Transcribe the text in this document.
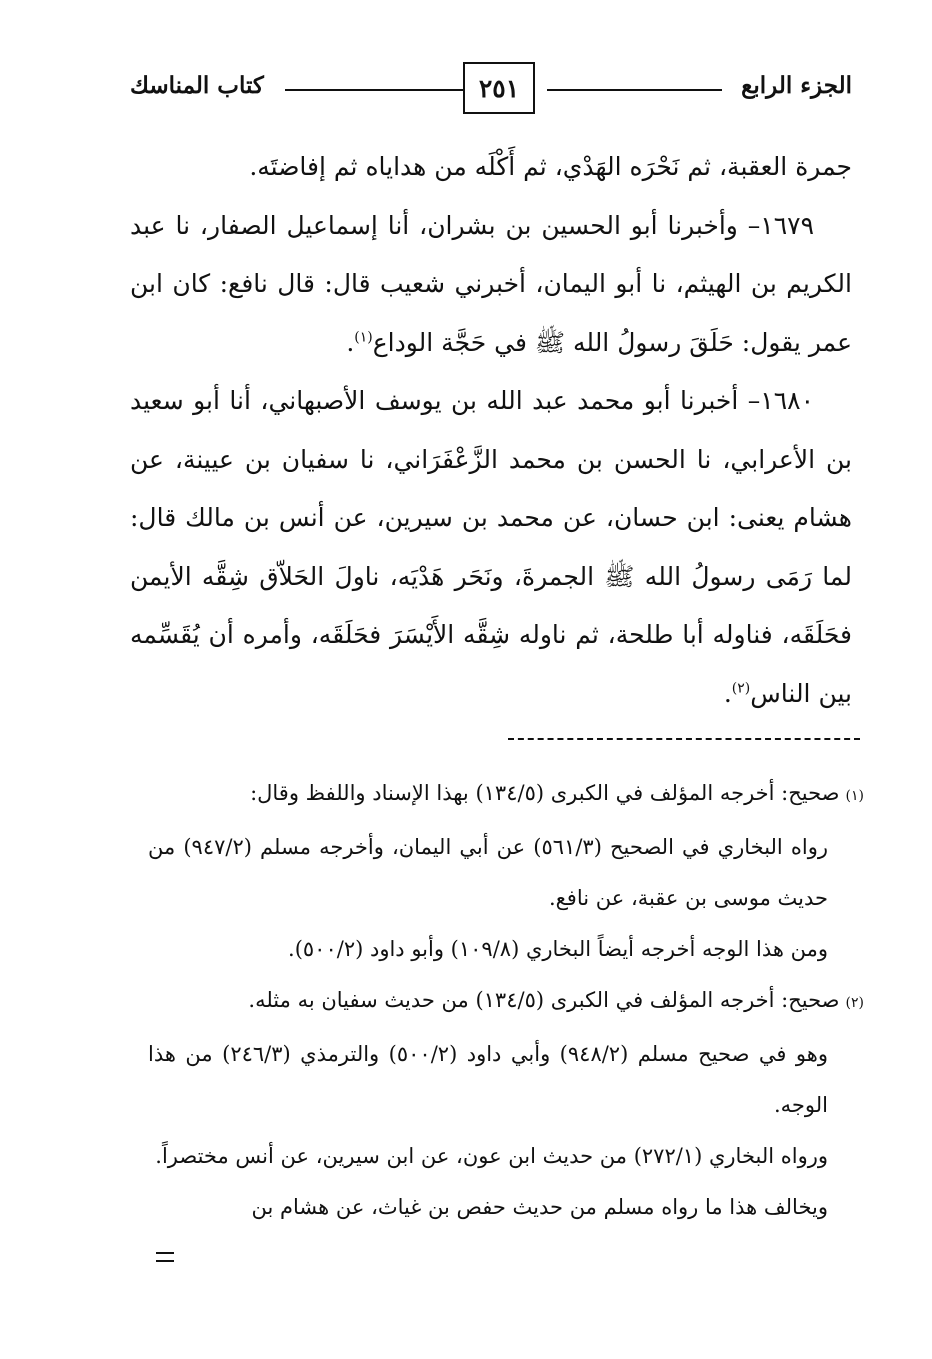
الجزء الرابع
٢٥١
كتاب المناسك

جمرة العقبة، ثم نَحْرَه الهَدْي، ثم أَكْلَه من هداياه ثم إفاضتَه.

١٦٧٩– وأخبرنا أبو الحسين بن بشران، أنا إسماعيل الصفار، نا عبد الكريم بن الهيثم، نا أبو اليمان، أخبرني شعيب قال: قال نافع: كان ابن عمر يقول: حَلَقَ رسولُ الله ﷺ في حَجَّة الوداع$^{(١)}$.

١٦٨٠– أخبرنا أبو محمد عبد الله بن يوسف الأصبهاني، أنا أبو سعيد بن الأعرابي، نا الحسن بن محمد الزَّعْفَرَاني، نا سفيان بن عيينة، عن هشام يعنى: ابن حسان، عن محمد بن سيرين، عن أنس بن مالك قال: لما رَمَى رسولُ الله ﷺ الجمرةَ، ونَحَر هَدْيَه، ناولَ الحَلاّق شِقَّه الأيمن فحَلَقَه، فناوله أبا طلحة، ثم ناوله شِقَّه الأَيْسَرَ فحَلَقَه، وأمره أن يُقَسِّمه بين الناس$^{(٢)}$.

(١)صحيح: أخرجه المؤلف في الكبرى (١٣٤/٥) بهذا الإسناد واللفظ وقال:

رواه البخاري في الصحيح (٥٦١/٣) عن أبي اليمان، وأخرجه مسلم (٩٤٧/٢) من حديث موسى بن عقبة، عن نافع.

ومن هذا الوجه أخرجه أيضاً البخاري (١٠٩/٨) وأبو داود (٥٠٠/٢).

(٢)صحيح: أخرجه المؤلف في الكبرى (١٣٤/٥) من حديث سفيان به مثله.

وهو في صحيح مسلم (٩٤٨/٢) وأبي داود (٥٠٠/٢) والترمذي (٢٤٦/٣) من هذا الوجه.

ورواه البخاري (٢٧٢/١) من حديث ابن عون، عن ابن سيرين، عن أنس مختصراً.

ويخالف هذا ما رواه مسلم من حديث حفص بن غياث، عن هشام بن
